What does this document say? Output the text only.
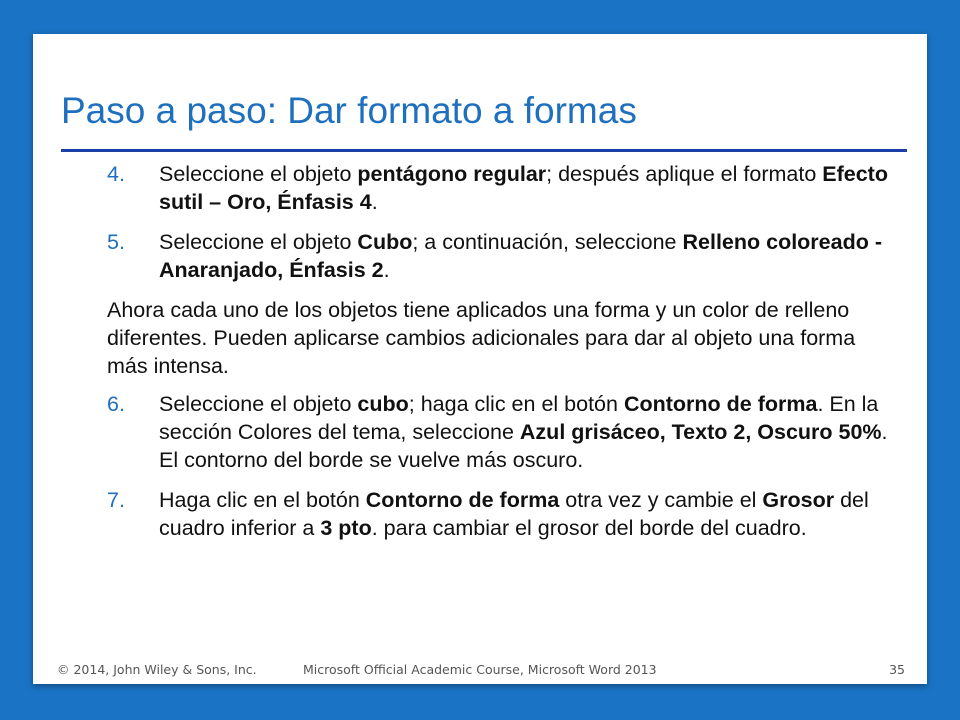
Paso a paso: Dar formato a formas
4. Seleccione el objeto pentágono regular; después aplique el formato Efecto sutil – Oro, Énfasis 4.
5. Seleccione el objeto Cubo; a continuación, seleccione Relleno coloreado - Anaranjado, Énfasis 2.
Ahora cada uno de los objetos tiene aplicados una forma y un color de relleno diferentes. Pueden aplicarse cambios adicionales para dar al objeto una forma más intensa.
6. Seleccione el objeto cubo; haga clic en el botón Contorno de forma. En la sección Colores del tema, seleccione Azul grisáceo, Texto 2, Oscuro 50%. El contorno del borde se vuelve más oscuro.
7. Haga clic en el botón Contorno de forma otra vez y cambie el Grosor del cuadro inferior a 3 pto. para cambiar el grosor del borde del cuadro.
© 2014, John Wiley & Sons, Inc.	Microsoft Official Academic Course, Microsoft Word 2013	35
